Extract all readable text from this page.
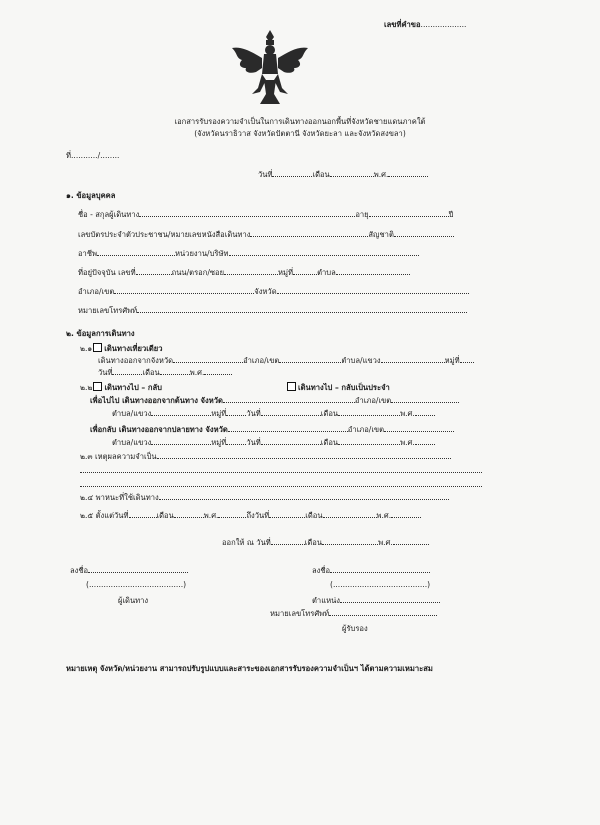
เลขที่คำขอ...................
เอกสารรับรองความจำเป็นในการเดินทางออกนอกพื้นที่จังหวัดชายแดนภาคใต้
(จังหวัดนราธิวาส จังหวัดปัตตานี จังหวัดยะลา และจังหวัดสงขลา)
ที่.........../........
วันที่	เดือน	พ.ศ.
๑. ข้อมูลบุคคล
ชื่อ - สกุลผู้เดินทาง	อายุ	ปี
เลขบัตรประจำตัวประชาชน/หมายเลขหนังสือเดินทาง	สัญชาติ
อาชีพ	หน่วยงาน/บริษัท
ที่อยู่ปัจจุบัน เลขที่	ถนน/ตรอก/ซอย	หมู่ที่	ตำบล
อำเภอ/เขต	จังหวัด
หมายเลขโทรศัพท์
๒. ข้อมูลการเดินทาง
๒.๑ เดินทางเที่ยวเดียว
เดินทางออกจากจังหวัด	อำเภอ/เขต	ตำบล/แขวง	หมู่ที่
วันที่	เดือน	พ.ศ.
๒.๒ เดินทางไป – กลับ	เดินทางไป – กลับเป็นประจำ
เพื่อไปไป เดินทางออกจากต้นทาง จังหวัด	อำเภอ/เขต
ตำบล/แขวง	หมู่ที่	วันที่	เดือน	พ.ศ.
เพื่อกลับ เดินทางออกจากปลายทาง จังหวัด	อำเภอ/เขต
ตำบล/แขวง	หมู่ที่	วันที่	เดือน	พ.ศ.
๒.๓ เหตุผลความจำเป็น
๒.๔ พาหนะที่ใช้เดินทาง
๒.๕ ตั้งแต่วันที่	เดือน	พ.ศ.	ถึงวันที่	เดือน	พ.ศ.
ออกให้ ณ วันที่	เดือน	พ.ศ.
ลงชื่อ
(.......................................)
ผู้เดินทาง
ลงชื่อ
(.......................................)
ตำแหน่ง
หมายเลขโทรศัพท์
ผู้รับรอง
หมายเหตุ จังหวัด/หน่วยงาน สามารถปรับรูปแบบและสาระของเอกสารรับรองความจำเป็นฯ ได้ตามความเหมาะสม
